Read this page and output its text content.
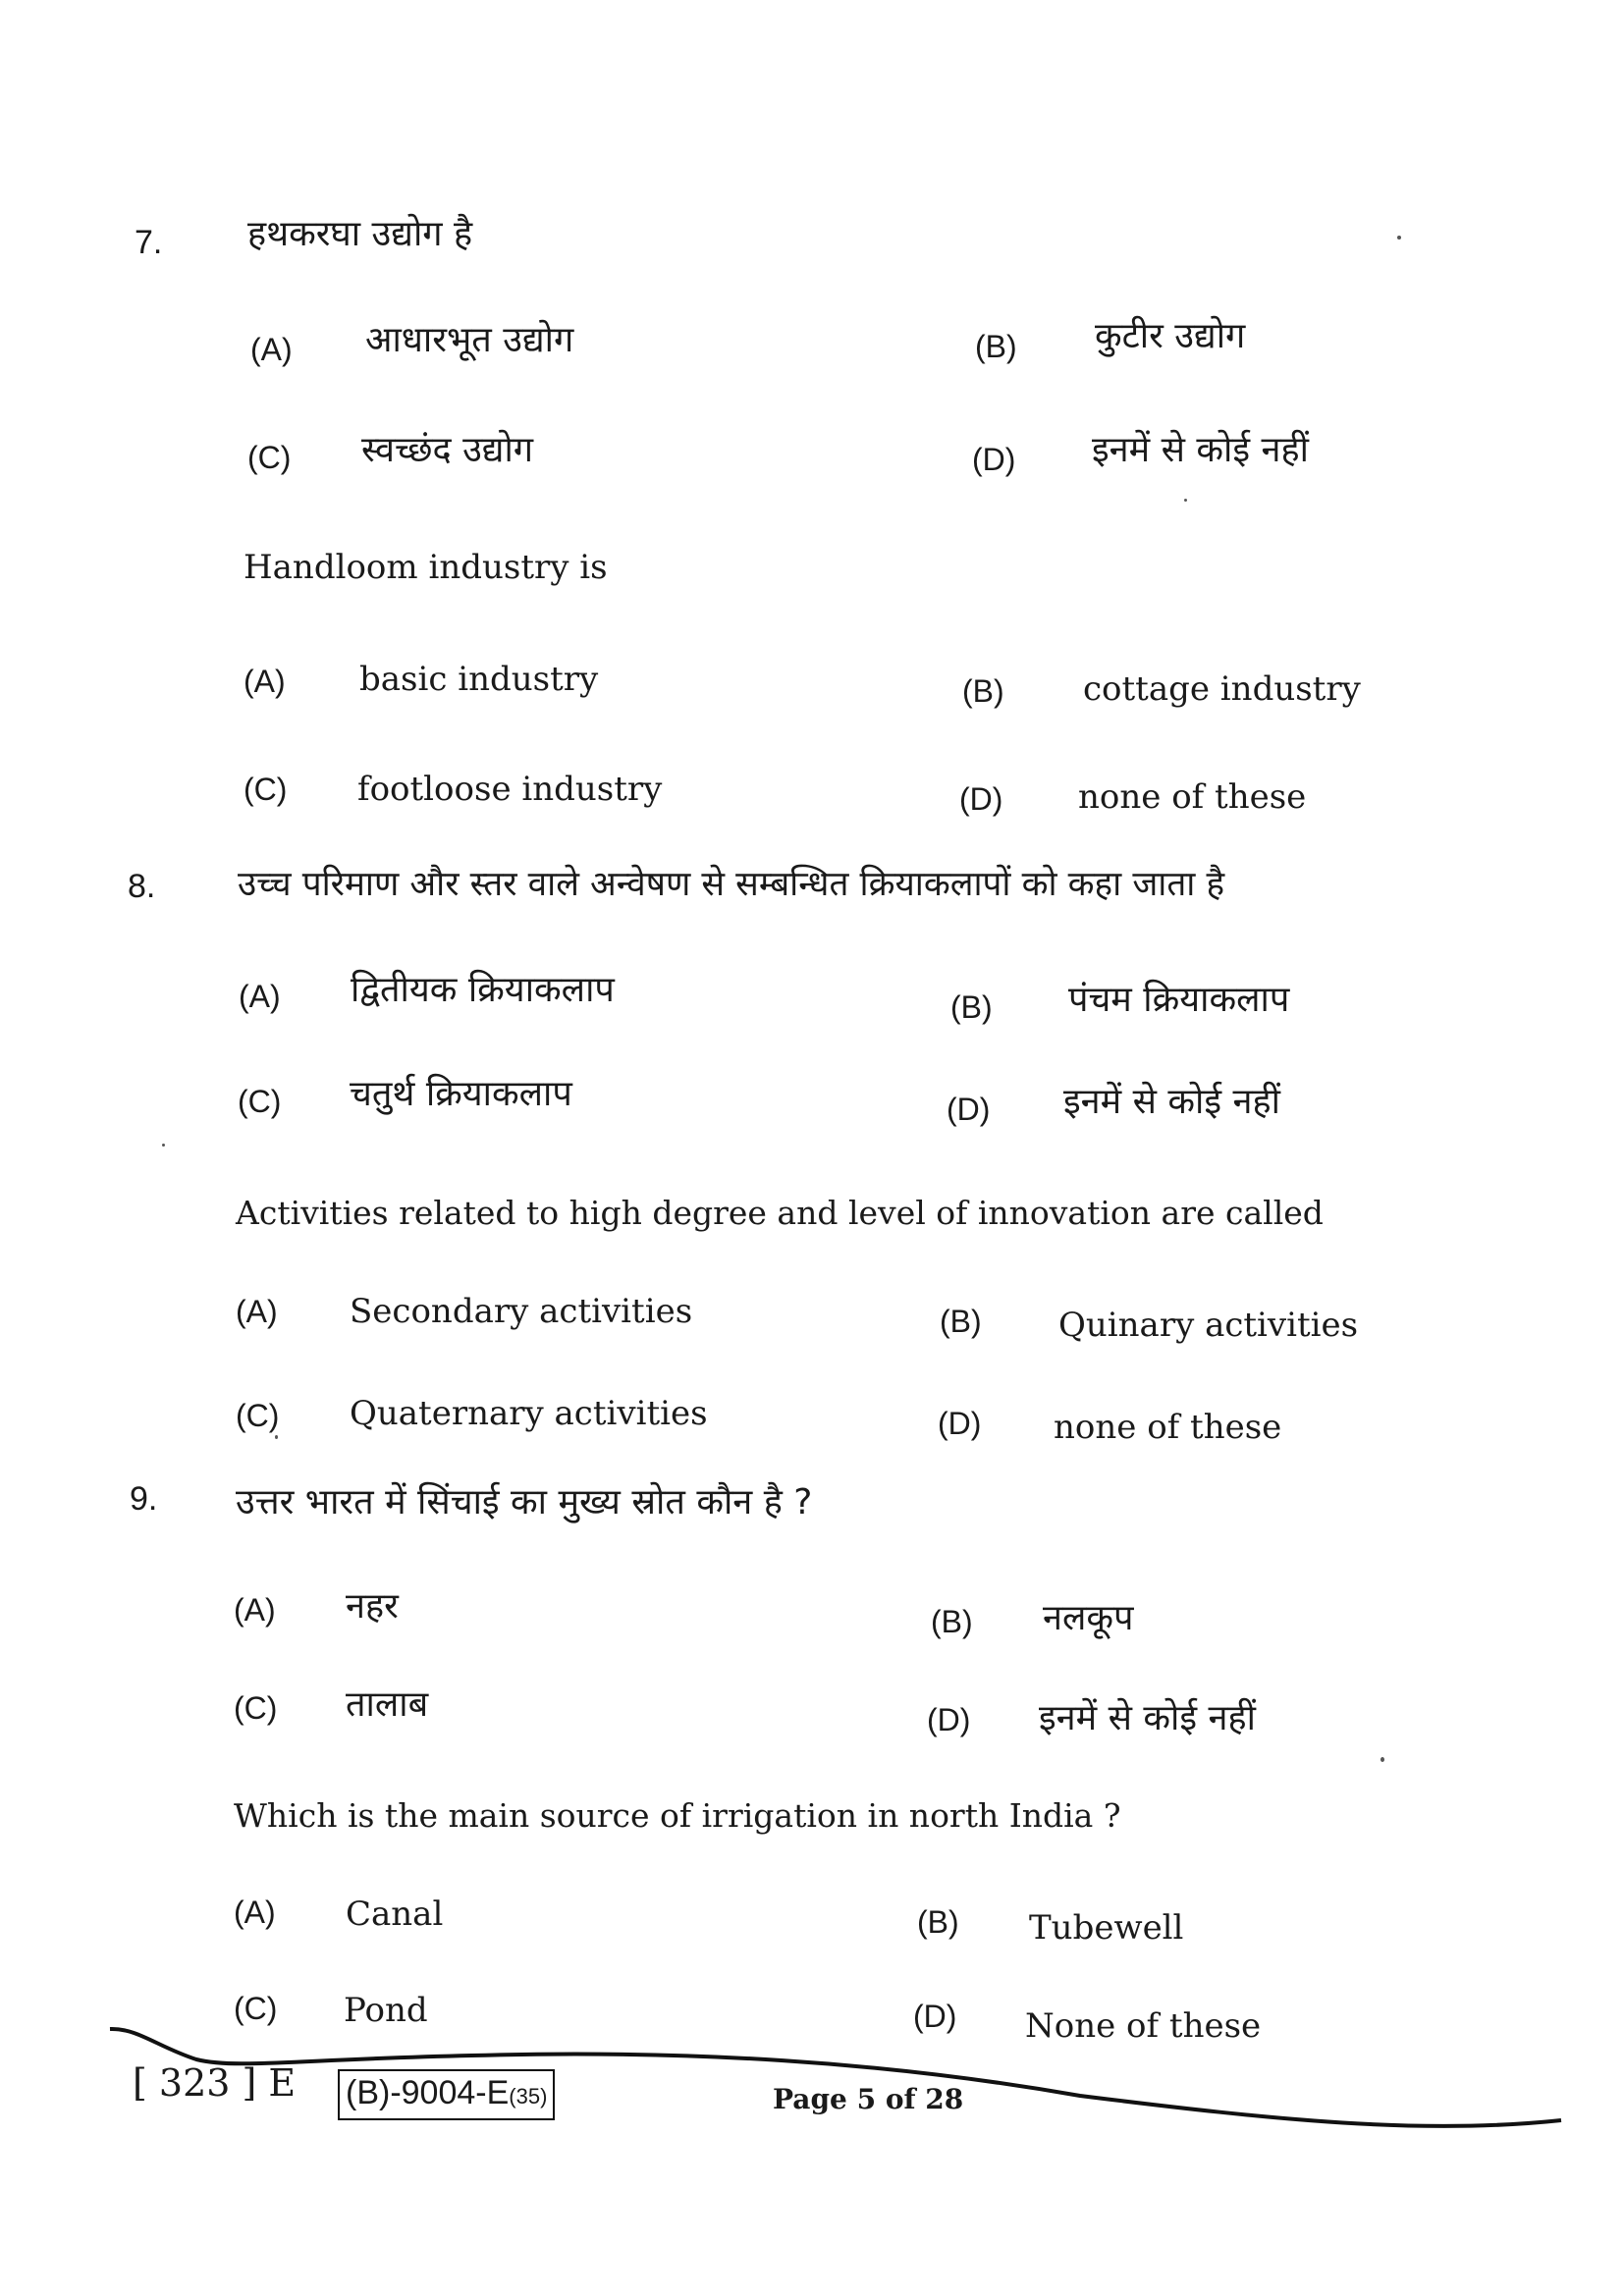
7. हथकरघा उद्योग है
(A) आधारभूत उद्योग	(B) कुटीर उद्योग
(C) स्वच्छंद उद्योग	(D) इनमें से कोई नहीं
Handloom industry is
(A) basic industry	(B) cottage industry
(C) footloose industry	(D) none of these
8. उच्च परिमाण और स्तर वाले अन्वेषण से सम्बन्धित क्रियाकलापों को कहा जाता है
(A) द्वितीयक क्रियाकलाप	(B) पंचम क्रियाकलाप
(C) चतुर्थ क्रियाकलाप	(D) इनमें से कोई नहीं
Activities related to high degree and level of innovation are called
(A) Secondary activities	(B) Quinary activities
(C) Quaternary activities	(D) none of these
9. उत्तर भारत में सिंचाई का मुख्य स्रोत कौन है ?
(A) नहर	(B) नलकूप
(C) तालाब	(D) इनमें से कोई नहीं
Which is the main source of irrigation in north India ?
(A) Canal	(B) Tubewell
(C) Pond	(D) None of these
[ 323 ] E (B)-9004-E(35)	Page 5 of 28
